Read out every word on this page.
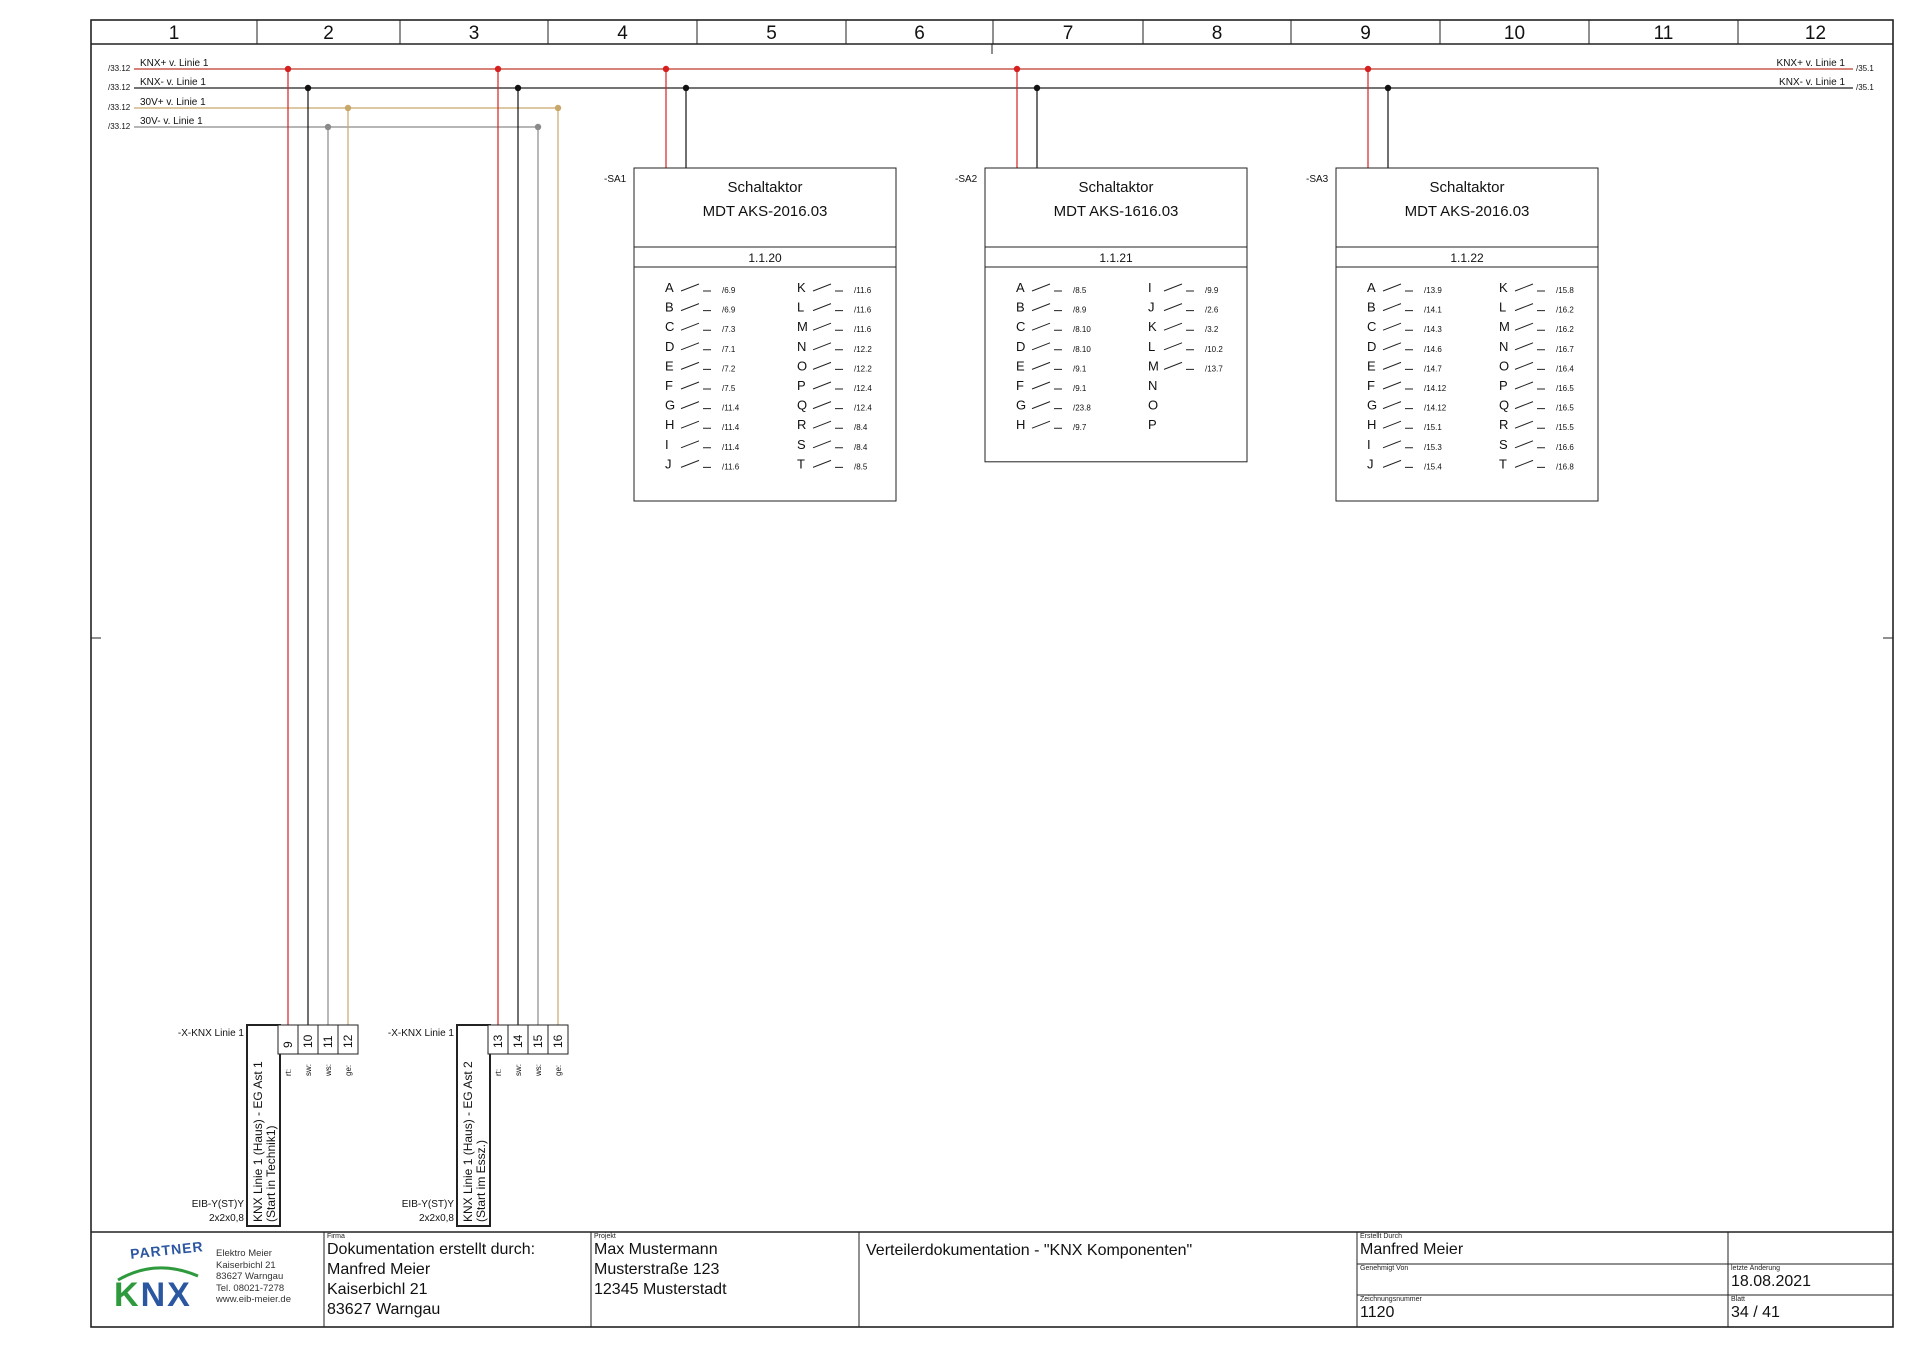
1	2	3	4	5	6	7	8	9	10	11	12
/33.12 KNX+ v. Linie 1	KNX+ v. Linie 1 /35.1
/33.12 KNX- v. Linie 1	KNX- v. Linie 1 /35.1
/33.12 30V+ v. Linie 1
/33.12 30V- v. Linie 1
-SA1	Schaltaktor
MDT AKS-2016.03
1.1.20
A	/6.9
B	/6.9
C	/7.3
D	/7.1
E	/7.2
F	/7.5
G	/11.4
H	/11.4
I	/11.4
J	/11.6
K	/11.6
L	/11.6
M	/11.6
N	/12.2
O	/12.2
P	/12.4
Q	/12.4
R	/8.4
S	/8.4
T	/8.5
-SA2	Schaltaktor
MDT AKS-1616.03
1.1.21
A	/8.5
B	/8.9
C	/8.10
D	/8.10
E	/9.1
F	/9.1
G	/23.8
H	/9.7
I	/9.9
J	/2.6
K	/3.2
L	/10.2
M	/13.7
N
O
P
-SA3	Schaltaktor
MDT AKS-2016.03
1.1.22
A	/13.9
B	/14.1
C	/14.3
D	/14.6
E	/14.7
F	/14.12
G	/14.12
H	/15.1
I	/15.3
J	/15.4
K	/15.8
L	/16.2
M	/16.2
N	/16.7
O	/16.4
P	/16.5
Q	/16.5
R	/15.5
S	/16.6
T	/16.8
-X-KNX Linie 1
KNX Linie 1 (Haus) - EG Ast 1(Start in Technik1)
EIB-Y(ST)Y
2x2x0,8
9
rt:
10
sw:
11
ws:
12
ge:
-X-KNX Linie 1
KNX Linie 1 (Haus) - EG Ast 2(Start im Essz.)
EIB-Y(ST)Y
2x2x0,8
13
rt:
14
sw:
15
ws:
16
ge:
PARTNER
KNX
Elektro Meier
Kaiserbichl 21
83627 Warngau
Tel. 08021-7278
www.eib-meier.de
Firma
Dokumentation erstellt durch:
Manfred Meier
Kaiserbichl 21
83627 Warngau
Projekt
Max Mustermann
Musterstraße 123
12345 Musterstadt
Verteilerdokumentation - "KNX Komponenten"
Erstellt Durch
Manfred Meier
Genehmigt Von
Zeichnungsnummer
1120
letzte Änderung
18.08.2021
Blatt
34 / 41
